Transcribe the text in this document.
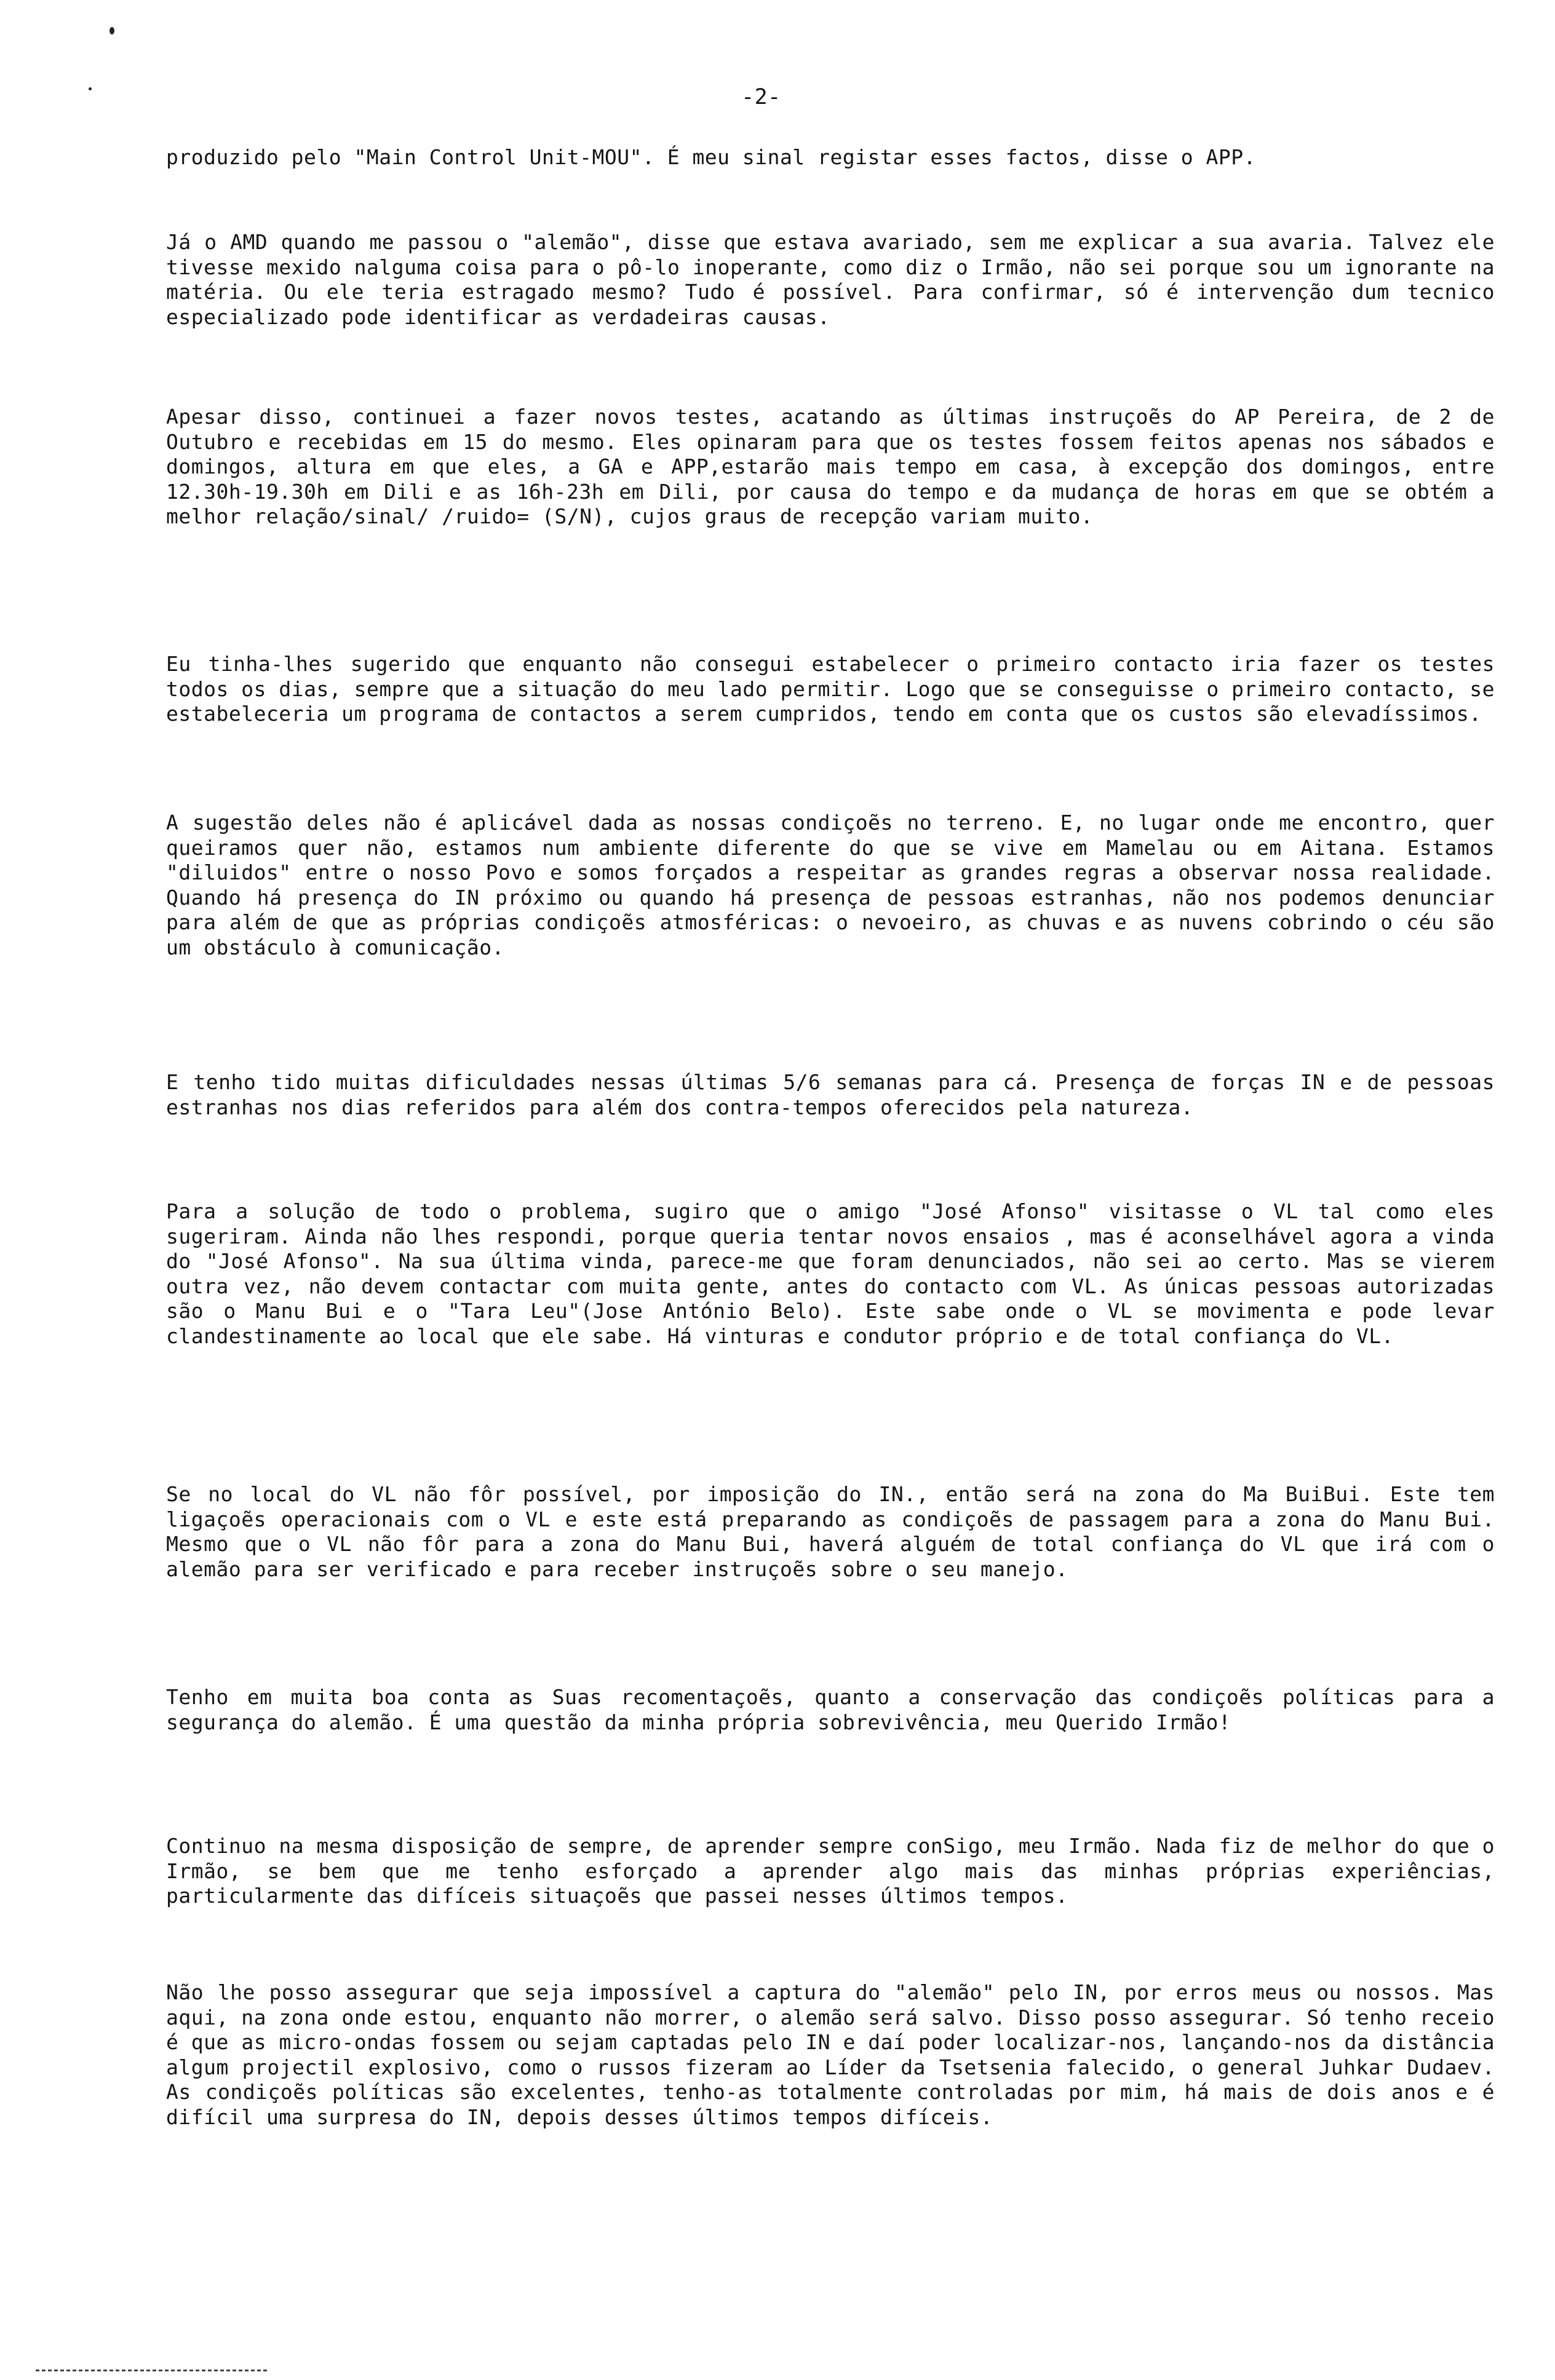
-2-

produzido pelo "Main Control Unit-MOU". É meu sinal registar esses factos, disse o APP.

Já o AMD quando me passou o "alemão", disse que estava avariado, sem me explicar a sua avaria. Talvez ele tivesse mexido nalguma coisa para o pô-lo inoperante, como diz o Irmão, não sei porque sou um ignorante na matéria. Ou ele teria estragado mesmo? Tudo é possível. Para confirmar, só é intervenção dum tecnico especializado pode identificar as verdadeiras causas.

Apesar disso, continuei a fazer novos testes, acatando as últimas instruçoẽs do AP Pereira, de 2 de Outubro e recebidas em 15 do mesmo. Eles opinaram para que os testes fossem feitos apenas nos sábados e domingos, altura em que eles, a GA e APP,estarão mais tempo em casa, à excepção dos domingos, entre 12.30h-19.30h em Dili e as 16h-23h em Dili, por causa do tempo e da mudança de horas em que se obtém a melhor relação/sinal/ /ruido= (S/N), cujos graus de recepção variam muito.

Eu tinha-lhes sugerido que enquanto não consegui estabelecer o primeiro contacto iria fazer os testes todos os dias, sempre que a situação do meu lado permitir. Logo que se conseguisse o primeiro contacto, se estabeleceria um programa de contactos a serem cumpridos, tendo em conta que os custos são elevadíssimos.

A sugestão deles não é aplicável dada as nossas condiçoẽs no terreno. E, no lugar onde me encontro, quer queiramos quer não, estamos num ambiente diferente do que se vive em Mamelau ou em Aitana. Estamos "diluidos" entre o nosso Povo e somos forçados a respeitar as grandes regras a observar nossa realidade. Quando há presença do IN próximo ou quando há presença de pessoas estranhas, não nos podemos denunciar para além de que as próprias condiçoẽs atmosféricas: o nevoeiro, as chuvas e as nuvens cobrindo o céu são um obstáculo à comunicação.

E tenho tido muitas dificuldades nessas últimas 5/6 semanas para cá. Presença de forças IN e de pessoas estranhas nos dias referidos para além dos contra-tempos oferecidos pela natureza.

Para a solução de todo o problema, sugiro que o amigo "José Afonso" visitasse o VL tal como eles sugeriram. Ainda não lhes respondi, porque queria tentar novos ensaios , mas é aconselhável agora a vinda do "José Afonso". Na sua última vinda, parece-me que foram denunciados, não sei ao certo. Mas se vierem outra vez, não devem contactar com muita gente, antes do contacto com VL. As únicas pessoas autorizadas são o Manu Bui e o "Tara Leu"(Jose António Belo). Este sabe onde o VL se movimenta e pode levar clandestinamente ao local que ele sabe. Há vinturas e condutor próprio e de total confiança do VL.

Se no local do VL não fôr possível, por imposição do IN., então será na zona do Ma BuiBui. Este tem ligaçoẽs operacionais com o VL e este está preparando as condiçoẽs de passagem para a zona do Manu Bui. Mesmo que o VL não fôr para a zona do Manu Bui, haverá alguém de total confiança do VL que irá com o alemão para ser verificado e para receber instruçoẽs sobre o seu manejo.

Tenho em muita boa conta as Suas recomentaçoẽs, quanto a conservação das condiçoẽs políticas para a segurança do alemão. É uma questão da minha própria sobrevivência, meu Querido Irmão!

Continuo na mesma disposição de sempre, de aprender sempre conSigo, meu Irmão. Nada fiz de melhor do que o Irmão, se bem que me tenho esforçado a aprender algo mais das minhas próprias experiências, particularmente das difíceis situaçoẽs que passei nesses últimos tempos.

Não lhe posso assegurar que seja impossível a captura do "alemão" pelo IN, por erros meus ou nossos. Mas aqui, na zona onde estou, enquanto não morrer, o alemão será salvo. Disso posso assegurar. Só tenho receio é que as micro-ondas fossem ou sejam captadas pelo IN e daí poder localizar-nos, lançando-nos da distância algum projectil explosivo, como o russos fizeram ao Líder da Tsetsenia falecido, o general Juhkar Dudaev. As condiçoẽs políticas são excelentes, tenho-as totalmente controladas por mim, há mais de dois anos e é difícil uma surpresa do IN, depois desses últimos tempos difíceis.
